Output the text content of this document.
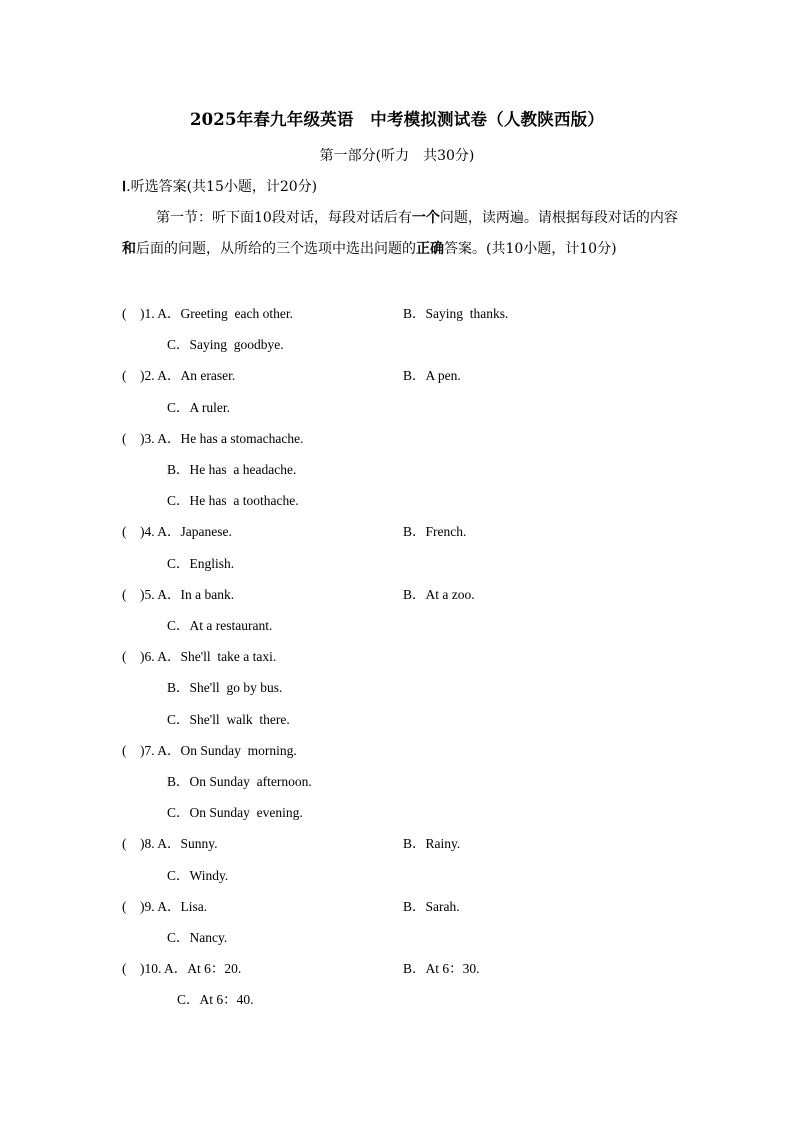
2025年春九年级英语　中考模拟测试卷（人教陕西版）
第一部分(听力　共30分)
Ⅰ.听选答案(共15小题，计20分)
第一节：听下面10段对话，每段对话后有一个问题，读两遍。请根据每段对话的内容和后面的问题，从所给的三个选项中选出问题的正确答案。(共10小题，计10分)
(　)1. A．Greeting  each other.	B．Saying  thanks.
C．Saying  goodbye.
(　)2. A．An eraser.	B．A pen.
C．A ruler.
(　)3. A．He has a stomachache.
B．He has  a headache.
C．He has  a toothache.
(　)4. A．Japanese.	B．French.
C．English.
(　)5. A．In a bank.	B．At a zoo.
C．At a restaurant.
(　)6. A．She'll  take a taxi.
B．She'll  go by bus.
C．She'll  walk  there.
(　)7. A．On Sunday  morning.
B．On Sunday  afternoon.
C．On Sunday  evening.
(　)8. A．Sunny.	B．Rainy.
C．Windy.
(　)9. A．Lisa.	B．Sarah.
C．Nancy.
(　)10. A．At 6：20.	B．At 6：30.
C．At 6：40.
